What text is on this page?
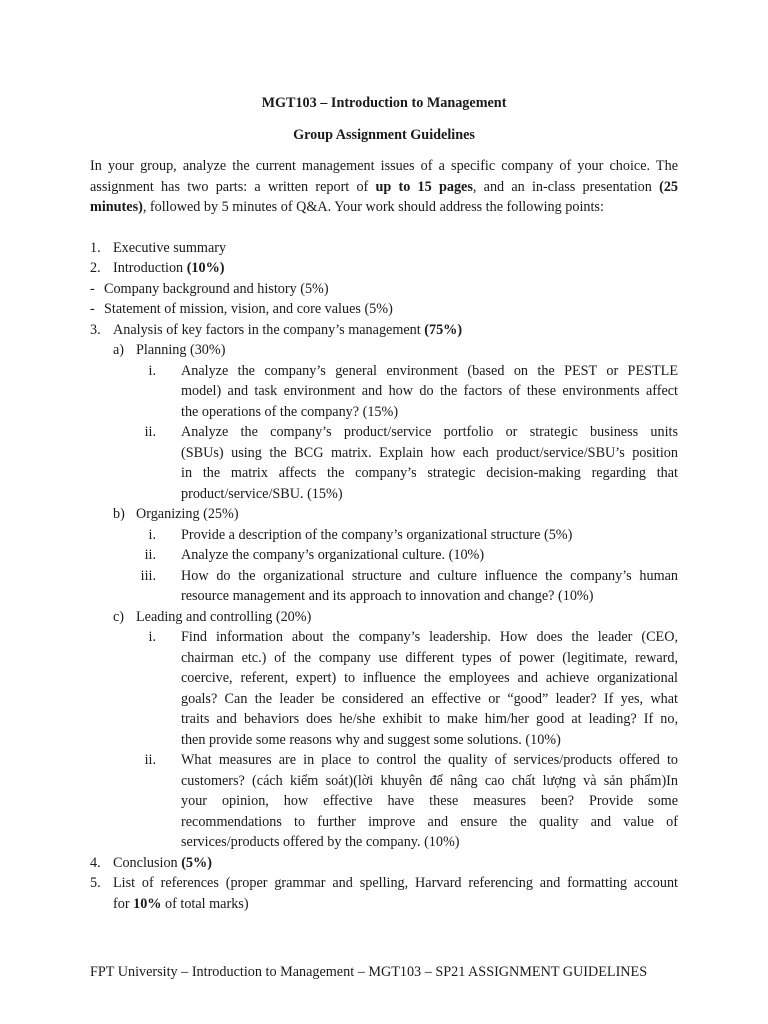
MGT103 – Introduction to Management
Group Assignment Guidelines
In your group, analyze the current management issues of a specific company of your choice. The
assignment has two parts: a written report of up to 15 pages, and an in-class presentation (25
minutes), followed by 5 minutes of Q&A. Your work should address the following points:
1. Executive summary
2. Introduction (10%)
- Company background and history (5%)
- Statement of mission, vision, and core values (5%)
3. Analysis of key factors in the company’s management (75%)
a) Planning (30%)
i. Analyze the company’s general environment (based on the PEST or PESTLE
model) and task environment and how do the factors of these environments affect
the operations of the company? (15%)
ii. Analyze the company’s product/service portfolio or strategic business units
(SBUs) using the BCG matrix. Explain how each product/service/SBU’s position
in the matrix affects the company’s strategic decision-making regarding that
product/service/SBU. (15%)
b) Organizing (25%)
i. Provide a description of the company’s organizational structure (5%)
ii. Analyze the company’s organizational culture. (10%)
iii. How do the organizational structure and culture influence the company’s human
resource management and its approach to innovation and change? (10%)
c) Leading and controlling (20%)
i. Find information about the company’s leadership. How does the leader (CEO,
chairman etc.) of the company use different types of power (legitimate, reward,
coercive, referent, expert) to influence the employees and achieve organizational
goals? Can the leader be considered an effective or “good” leader? If yes, what
traits and behaviors does he/she exhibit to make him/her good at leading? If no,
then provide some reasons why and suggest some solutions. (10%)
ii. What measures are in place to control the quality of services/products offered to
customers? (cách kiểm soát)(lời khuyên để nâng cao chất lượng và sản phẩm)In
your opinion, how effective have these measures been? Provide some
recommendations to further improve and ensure the quality and value of
services/products offered by the company. (10%)
4. Conclusion (5%)
5. List of references (proper grammar and spelling, Harvard referencing and formatting account
for 10% of total marks)
FPT University – Introduction to Management – MGT103 – SP21 ASSIGNMENT GUIDELINES
